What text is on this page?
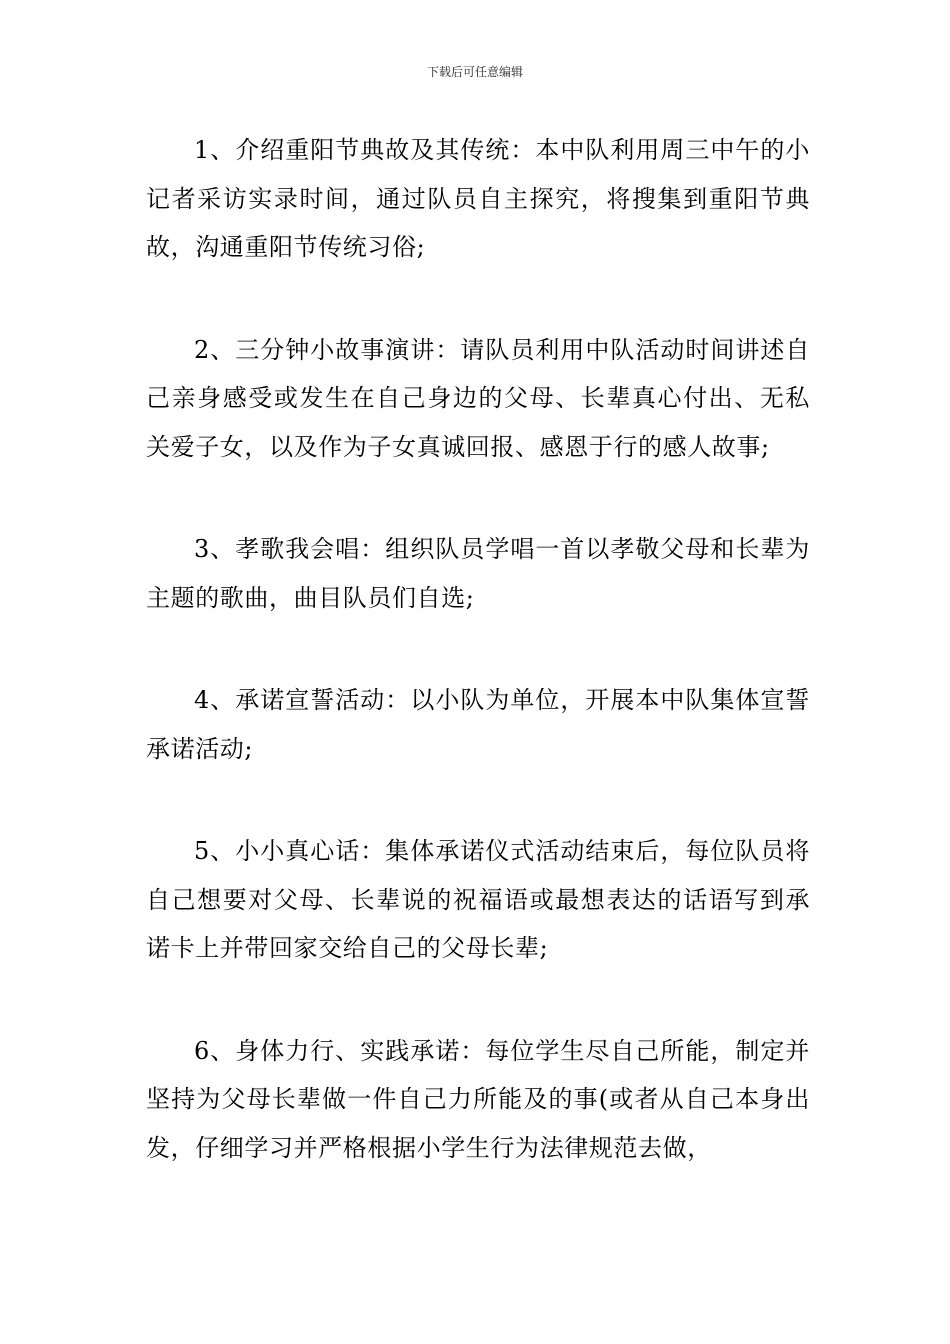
下载后可任意编辑

1、介绍重阳节典故及其传统：本中队利用周三中午的小记者采访实录时间，通过队员自主探究，将搜集到重阳节典故，沟通重阳节传统习俗;

2、三分钟小故事演讲：请队员利用中队活动时间讲述自己亲身感受或发生在自己身边的父母、长辈真心付出、无私关爱子女，以及作为子女真诚回报、感恩于行的感人故事;

3、孝歌我会唱：组织队员学唱一首以孝敬父母和长辈为主题的歌曲，曲目队员们自选;

4、承诺宣誓活动：以小队为单位，开展本中队集体宣誓承诺活动;

5、小小真心话：集体承诺仪式活动结束后，每位队员将自己想要对父母、长辈说的祝福语或最想表达的话语写到承诺卡上并带回家交给自己的父母长辈;

6、身体力行、实践承诺：每位学生尽自己所能，制定并坚持为父母长辈做一件自己力所能及的事(或者从自己本身出发，仔细学习并严格根据小学生行为法律规范去做，
